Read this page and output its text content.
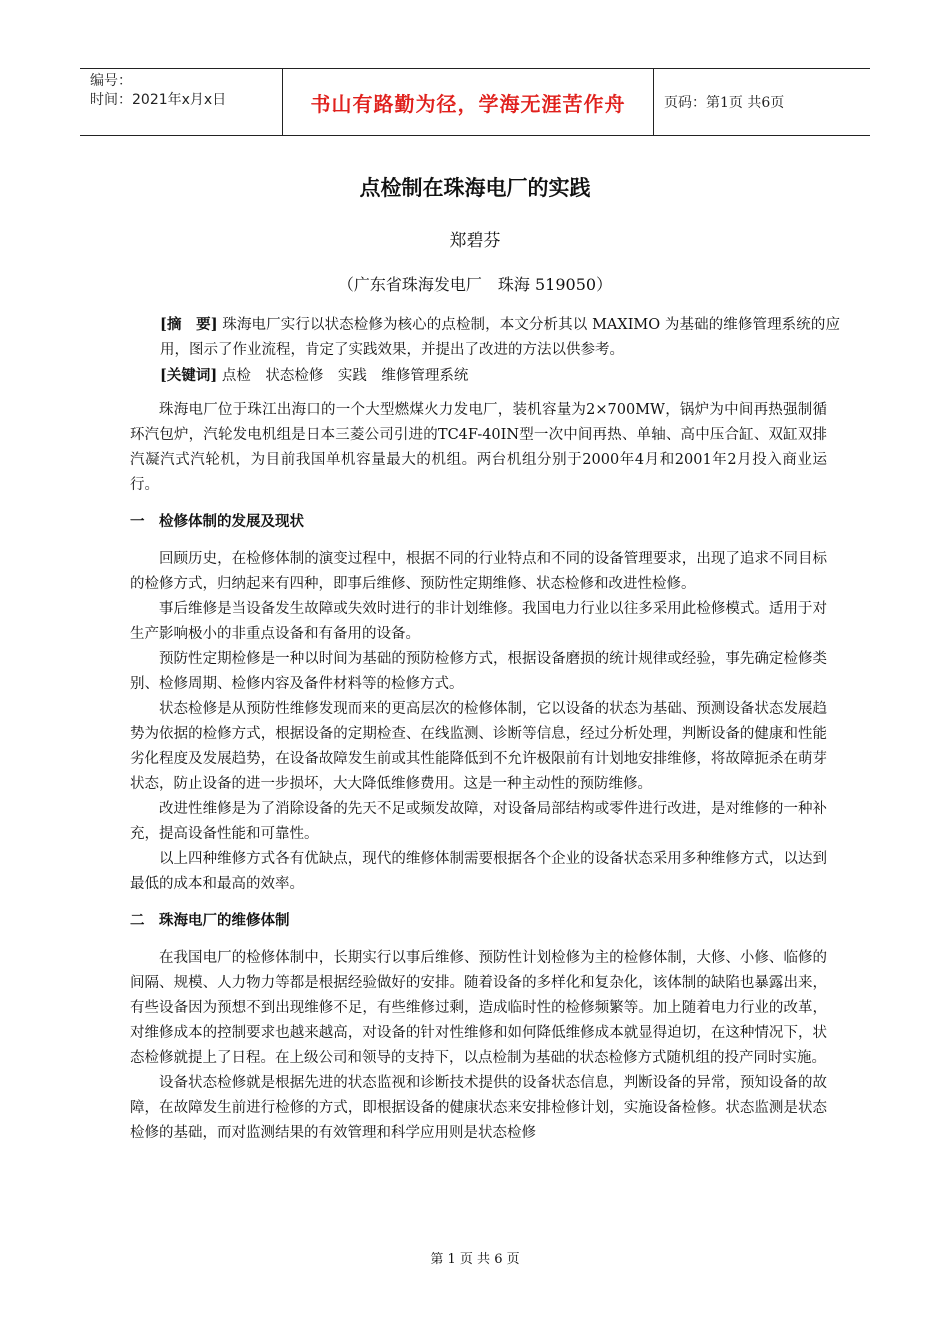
编号：
时间：2021年x月x日	书山有路勤为径，学海无涯苦作舟	页码：第1页 共6页
点检制在珠海电厂的实践
郑碧芬
（广东省珠海发电厂　珠海 519050）
[摘　要] 珠海电厂实行以状态检修为核心的点检制，本文分析其以 MAXIMO 为基础的维修管理系统的应用，图示了作业流程，肯定了实践效果，并提出了改进的方法以供参考。
[关键词] 点检　状态检修　实践　维修管理系统

珠海电厂位于珠江出海口的一个大型燃煤火力发电厂，装机容量为2×700MW，锅炉为中间再热强制循环汽包炉，汽轮发电机组是日本三菱公司引进的TC4F-40IN型一次中间再热、单轴、高中压合缸、双缸双排汽凝汽式汽轮机，为目前我国单机容量最大的机组。两台机组分别于2000年4月和2001年2月投入商业运行。

一　检修体制的发展及现状

回顾历史，在检修体制的演变过程中，根据不同的行业特点和不同的设备管理要求，出现了追求不同目标的检修方式，归纳起来有四种，即事后维修、预防性定期维修、状态检修和改进性检修。

事后维修是当设备发生故障或失效时进行的非计划维修。我国电力行业以往多采用此检修模式。适用于对生产影响极小的非重点设备和有备用的设备。

预防性定期检修是一种以时间为基础的预防检修方式，根据设备磨损的统计规律或经验，事先确定检修类别、检修周期、检修内容及备件材料等的检修方式。

状态检修是从预防性维修发现而来的更高层次的检修体制，它以设备的状态为基础、预测设备状态发展趋势为依据的检修方式，根据设备的定期检查、在线监测、诊断等信息，经过分析处理，判断设备的健康和性能劣化程度及发展趋势，在设备故障发生前或其性能降低到不允许极限前有计划地安排维修，将故障扼杀在萌芽状态，防止设备的进一步损坏，大大降低维修费用。这是一种主动性的预防维修。

改进性维修是为了消除设备的先天不足或频发故障，对设备局部结构或零件进行改进，是对维修的一种补充，提高设备性能和可靠性。

以上四种维修方式各有优缺点，现代的维修体制需要根据各个企业的设备状态采用多种维修方式，以达到最低的成本和最高的效率。

二　珠海电厂的维修体制

在我国电厂的检修体制中，长期实行以事后维修、预防性计划检修为主的检修体制，大修、小修、临修的间隔、规模、人力物力等都是根据经验做好的安排。随着设备的多样化和复杂化，该体制的缺陷也暴露出来，有些设备因为预想不到出现维修不足，有些维修过剩，造成临时性的检修频繁等。加上随着电力行业的改革，对维修成本的控制要求也越来越高，对设备的针对性维修和如何降低维修成本就显得迫切，在这种情况下，状态检修就提上了日程。在上级公司和领导的支持下，以点检制为基础的状态检修方式随机组的投产同时实施。

设备状态检修就是根据先进的状态监视和诊断技术提供的设备状态信息，判断设备的异常，预知设备的故障，在故障发生前进行检修的方式，即根据设备的健康状态来安排检修计划，实施设备检修。状态监测是状态检修的基础，而对监测结果的有效管理和科学应用则是状态检修

第 1 页 共 6 页
